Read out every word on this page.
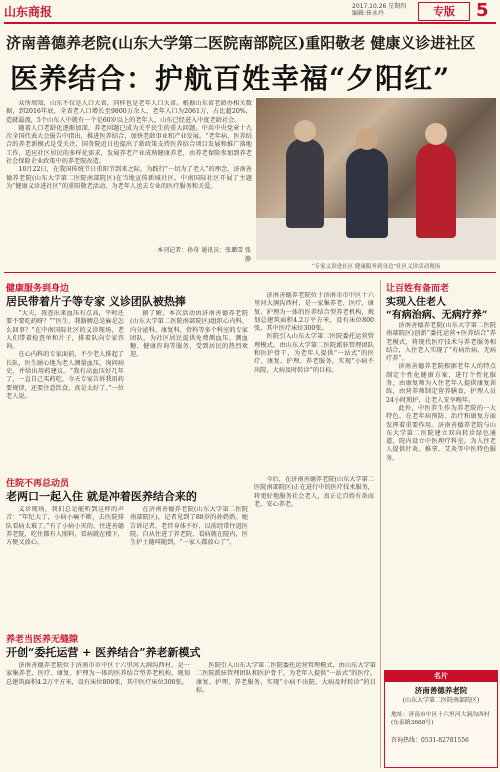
山东商报	2017.10.26 星期四
编辑:崔永玲	专版	5
济南善德养老院(山东大学第二医院南部院区)重阳敬老 健康义诊进社区
医养结合：护航百姓幸福“夕阳红”

众所周知，山东不仅是人口大省，同样也是老年人口大省。根据山东省老龄办相关数据，到2016年底，全省老人口增长至9800万余人，老年人口为2061万，占比超20%，造就最流，5个山东人中就有一个是60岁以上的老年人，山东已经进入中度老龄社会。

随着人口老龄化逐渐加深，养老问题已成为关乎民生的重大问题。中共中央党章十九次全国代表大会报告中指出，推进医养结合，加快老龄事业和产业发展。“老年病、医养结合的养老新模式是受关注，国务院近日也提出了新政策支持医养结合项目发展和推广落地工作，适应社区居民的多样化需求，发展养老产业成熟健康养老，由养老保险参加到养老社会保险企业政策中的养老院改造。

10月22日，在我国传统节日重阳节到来之际，为践行“一切为了老人”的理念，济南善德养老院(山东大学第二医院南部院区)在当地宣传新城社区、中南国际社区开展了主题为“健康义诊进社区”的重阳敬老活动，为老年人送去专业的医疗服务和关爱。

本刊记者：孙奇 通讯员：张璐雪 张静
“专家义诊进社区 健康服务到身边”社区义诊活动现场
健康服务到身边
居民带着片子等专家 义诊团队被热捧

“大夫，我查出来血压有点高，平时还要不要吃药呀？”“医生，我胳膊总是麻是怎么回事？”在中南国际社区的义诊现场，老人们带着检查单和片子，排着队向专家咨询。

在心内科的专家面前，不少老人排起了长队，医生耐心地为老人测量血压，询问病史，并给出用药建议。“我有高血压好几年了，一直自己买药吃，今天专家告诉我用药要规律，还要注意饮食，真是太好了。”一位老人说。

据了解，本次活动由济南善德养老院(山东大学第二医院南部院区)组织心内科、内分泌科、康复科、骨科等多个科室的专家团队，为社区居民提供免费测血压、测血糖、健康咨询等服务，受到居民的热烈欢迎。

济南善德养老院位于济南市市中区十六里河大涧沟西村，是一家集养老、医疗、康复、护理为一体的医养结合型养老机构，规划总建筑面积4.2万平方米，设有床位800张，其中医疗床位300张。

医院引入山东大学第二医院委托运营管理模式，由山东大学第二医院派驻管理团队和医护骨干，为老年人提供“一站式”的医疗、康复、护理、养老服务，实现“小病不出院、大病及时转诊”的目标。

住院不再总动员
老两口一起入住 就是冲着医养结合来的

义诊现场，我们总是能听到这样的声音：“年纪大了，小病小痛不断，去医院排队看病太难了。”有了小病小灾的，住进善德养老院，吃住都有人照料，看病就在楼下，方便又放心。

在济南善德养老院(山东大学第二医院南部院区)，记者见到了88岁的孙奶奶。她告诉记者，老伴身体不好，以前经常往返医院，自从住进了养老院，看病就在院内，医生护士随叫随到，“一家人都放心了”。

今后，在济南善德养老院(山东大学第二医院南部院区)正在进行中的医疗技术服务，将更好地服务社会老人，真正让百姓有备而老、安心养老。

养老当医养无缝隙
开创“委托运营 + 医养结合”养老新模式

济南善德养老院位于济南市市中区十六里河大涧沟西村，是一家集养老、医疗、康复、护理为一体的医养结合型养老机构，规划总建筑面积4.2万平方米，设有床位800张，其中医疗床位300张。

医院引入山东大学第二医院委托运营管理模式，由山东大学第二医院派驻管理团队和医护骨干，为老年人提供“一站式”的医疗、康复、护理、养老服务，实现“小病不出院、大病及时转诊”的目标。

让百姓有备而老
实现入住老人
“有病治病、无病疗养”

济南善德养老院(山东大学第二医院南部院区)创新“委托运营+医养结合”养老模式，将现代医疗技术与养老服务相结合，入住老人实现了“有病治病、无病疗养”。

济南善德养老院根据老年人的特点制定个性化健康方案，进行个性化服务，由康复师为入住老年人提供康复训练，由营养师制定营养膳食，护理人员24小时照护，让老人安享晚年。

此外，中医养生作为养老院的一大特色，在老年病预防、治疗和康复方面发挥着重要作用。济南善德养老院与山东大学第二医院建立双向转诊绿色通道，院内设立中医理疗科室，为入住老人提供针灸、推拿、艾灸等中医特色服务。

名片
济南善德养老院
(山东大学第二医院南部院区)
地址：济南市中区十六里河大涧沟西村(东泰路3668号)
咨询热线：0531-82781556
